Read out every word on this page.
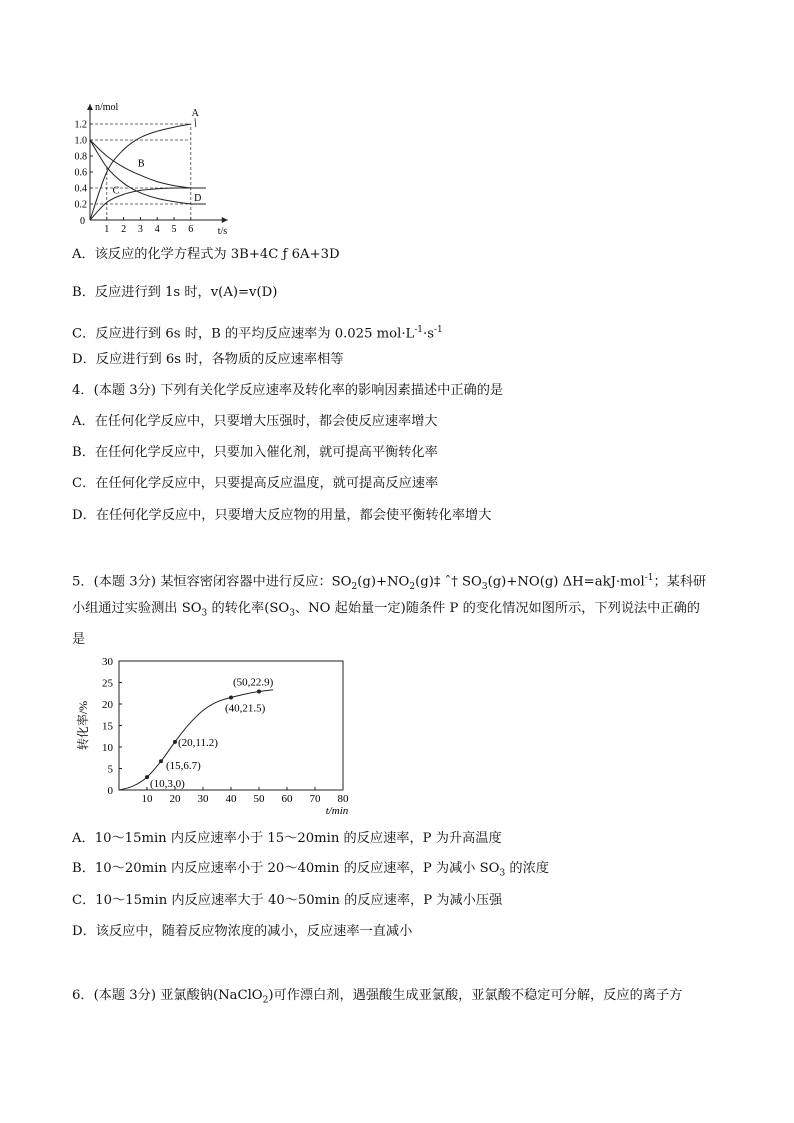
n/mol
t/s
0
1 2 3 4 5 6
0.2
0.4
0.6
0.8
1.0
1.2
A
B
C
D
A．该反应的化学方程式为 3B+4C ƒ 6A+3D
B．反应进行到 1s 时，v(A)=v(D)
C．反应进行到 6s 时，B 的平均反应速率为 0.025 $mol\cdot L^{-1}\cdot s^{-1}$
D．反应进行到 6s 时，各物质的反应速率相等
4．(本题 3分) 下列有关化学反应速率及转化率的影响因素描述中正确的是
A．在任何化学反应中，只要增大压强时，都会使反应速率增大
B．在任何化学反应中，只要加入催化剂，就可提高平衡转化率
C．在任何化学反应中，只要提高反应温度，就可提高反应速率
D．在任何化学反应中，只要增大反应物的用量，都会使平衡转化率增大
5．(本题 3分) 某恒容密闭容器中进行反应：$SO_2(g)+NO_2(g)\ddagger$ ˆ† $SO_3(g)+NO(g)$ ΔH=akJ·mol$^{-1}$；某科研
小组通过实验测出 $SO_3$ 的转化率($SO_3$、NO 起始量一定)随条件 P 的变化情况如图所示，下列说法中正确的
是
10 20 30 40 50 60 70 80
0
5
10
15
20
25
30
转化率/%
t/min
(10,3.0)
(15,6.7)
(20,11.2)
(40,21.5)
(50,22.9)
A．10～15min 内反应速率小于 15～20min 的反应速率，P 为升高温度
B．10～20min 内反应速率小于 20～40min 的反应速率，P 为减小 $SO_3$ 的浓度
C．10～15min 内反应速率大于 40～50min 的反应速率，P 为减小压强
D．该反应中，随着反应物浓度的减小，反应速率一直减小
6．(本题 3分) 亚氯酸钠(NaClO$_2$)可作漂白剂，遇强酸生成亚氯酸，亚氯酸不稳定可分解，反应的离子方
